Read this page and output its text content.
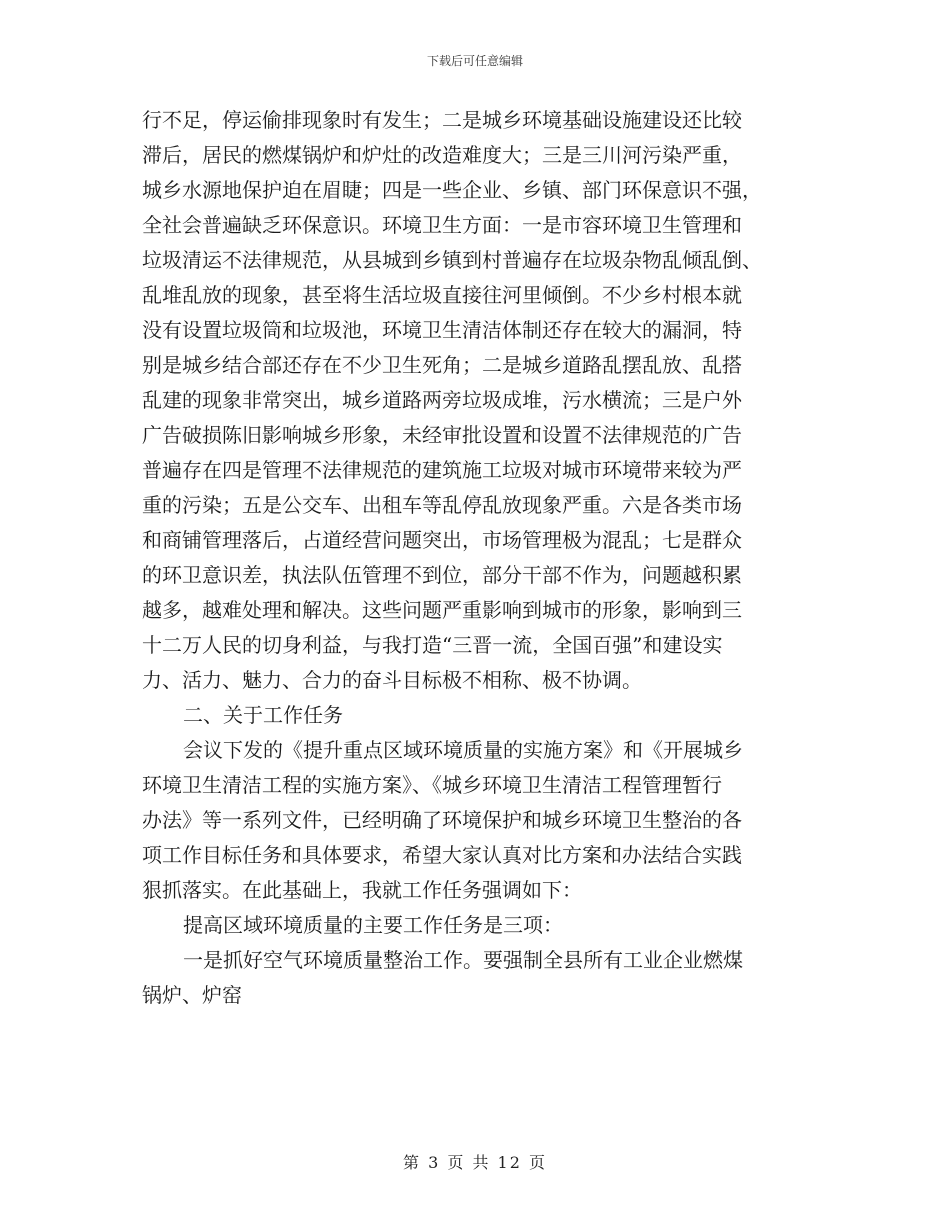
下载后可任意编辑
行不足，停运偷排现象时有发生；二是城乡环境基础设施建设还比较
滞后，居民的燃煤锅炉和炉灶的改造难度大；三是三川河污染严重，
城乡水源地保护迫在眉睫；四是一些企业、乡镇、部门环保意识不强，
全社会普遍缺乏环保意识。环境卫生方面：一是市容环境卫生管理和
垃圾清运不法律规范，从县城到乡镇到村普遍存在垃圾杂物乱倾乱倒、
乱堆乱放的现象，甚至将生活垃圾直接往河里倾倒。不少乡村根本就
没有设置垃圾筒和垃圾池，环境卫生清洁体制还存在较大的漏洞，特
别是城乡结合部还存在不少卫生死角；二是城乡道路乱摆乱放、乱搭
乱建的现象非常突出，城乡道路两旁垃圾成堆，污水横流；三是户外
广告破损陈旧影响城乡形象，未经审批设置和设置不法律规范的广告
普遍存在四是管理不法律规范的建筑施工垃圾对城市环境带来较为严
重的污染；五是公交车、出租车等乱停乱放现象严重。六是各类市场
和商铺管理落后，占道经营问题突出，市场管理极为混乱；七是群众
的环卫意识差，执法队伍管理不到位，部分干部不作为，问题越积累
越多，越难处理和解决。这些问题严重影响到城市的形象，影响到三
十二万人民的切身利益，与我打造“三晋一流，全国百强”和建设实
力、活力、魅力、合力的奋斗目标极不相称、极不协调。
二、关于工作任务
会议下发的《提升重点区域环境质量的实施方案》和《开展城乡
环境卫生清洁工程的实施方案》、《城乡环境卫生清洁工程管理暂行
办法》等一系列文件，已经明确了环境保护和城乡环境卫生整治的各
项工作目标任务和具体要求，希望大家认真对比方案和办法结合实践
狠抓落实。在此基础上，我就工作任务强调如下：
提高区域环境质量的主要工作任务是三项：
一是抓好空气环境质量整治工作。要强制全县所有工业企业燃煤
锅炉、炉窑
第 3 页 共 12 页
